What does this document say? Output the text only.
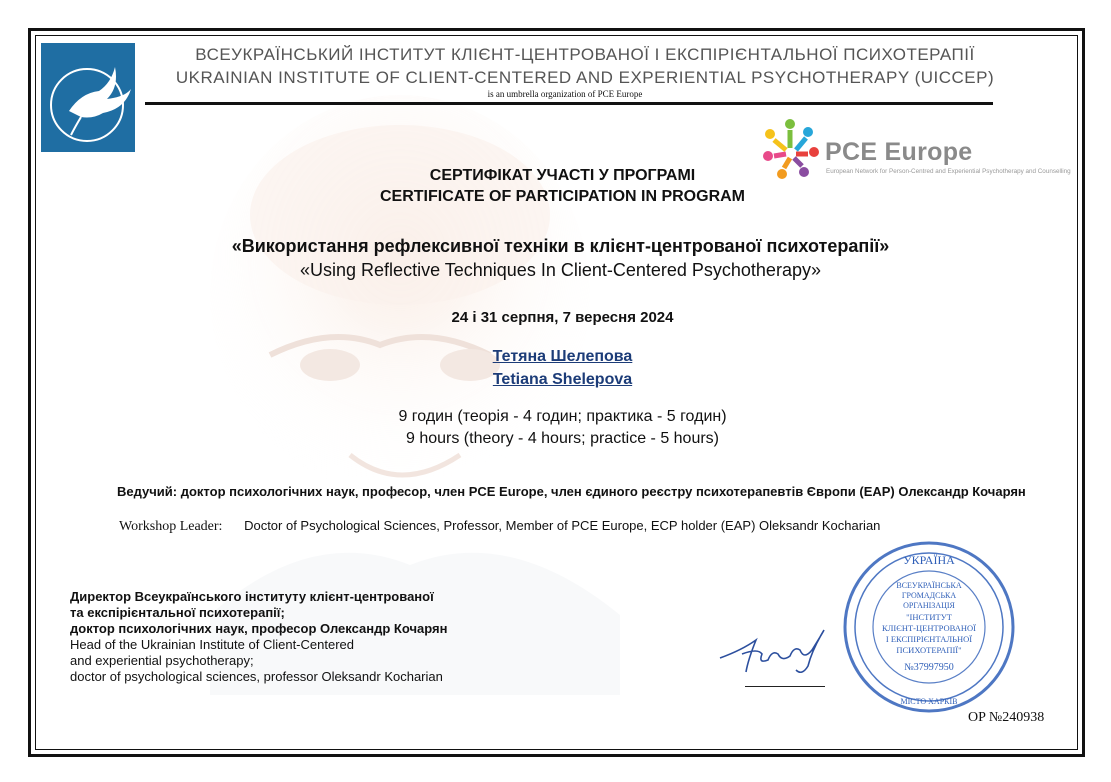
ВСЕУКРАЇНСЬКИЙ ІНСТИТУТ КЛІЄНТ-ЦЕНТРОВАНОЇ І ЕКСПІРІЄНТАЛЬНОЇ ПСИХОТЕРАПІЇ
UKRAINIAN INSTITUTE OF CLIENT-CENTERED AND EXPERIENTIAL PSYCHOTHERAPY (UICCEP)
is an umbrella organization of PCE Europe
PCE Europe
European Network for Person-Centred and Experiential Psychotherapy and Counselling
СЕРТИФІКАТ УЧАСТІ У ПРОГРАМІ
CERTIFICATE OF PARTICIPATION IN PROGRAM
«Використання рефлексивної техніки в клієнт-центрованої психотерапії»
«Using Reflective Techniques In Client-Centered Psychotherapy»
24 і 31 серпня, 7 вересня 2024
Тетяна Шелепова
Tetiana Shelepova
9 годин (теорія - 4 годин; практика - 5 годин)
9 hours (theory - 4 hours; practice - 5 hours)
Ведучий: доктор психологічних наук, професор, член PCE Europe, член єдиного реєстру психотерапевтів Європи (EAP) Олександр Кочарян
Workshop Leader: Doctor of Psychological Sciences, Professor, Member of PCE Europe, ECP holder (EAP) Oleksandr Kocharian
Директор Всеукраїнського інституту клієнт-центрованої
та експірієнтальної психотерапії;
доктор психологічних наук, професор Олександр Кочарян
Head of the Ukrainian Institute of Client-Centered
and experiential psychotherapy;
doctor of psychological sciences, professor Oleksandr Kocharian
УКРАЇНА
ВСЕУКРАЇНСЬКА
ГРОМАДСЬКА
ОРГАНІЗАЦІЯ
"ІНСТИТУТ
КЛІЄНТ-ЦЕНТРОВАНОЇ
І ЕКСПІРІЄНТАЛЬНОЇ
ПСИХОТЕРАПІЇ"
№37997950
МІСТО ХАРКІВ
OP №240938
